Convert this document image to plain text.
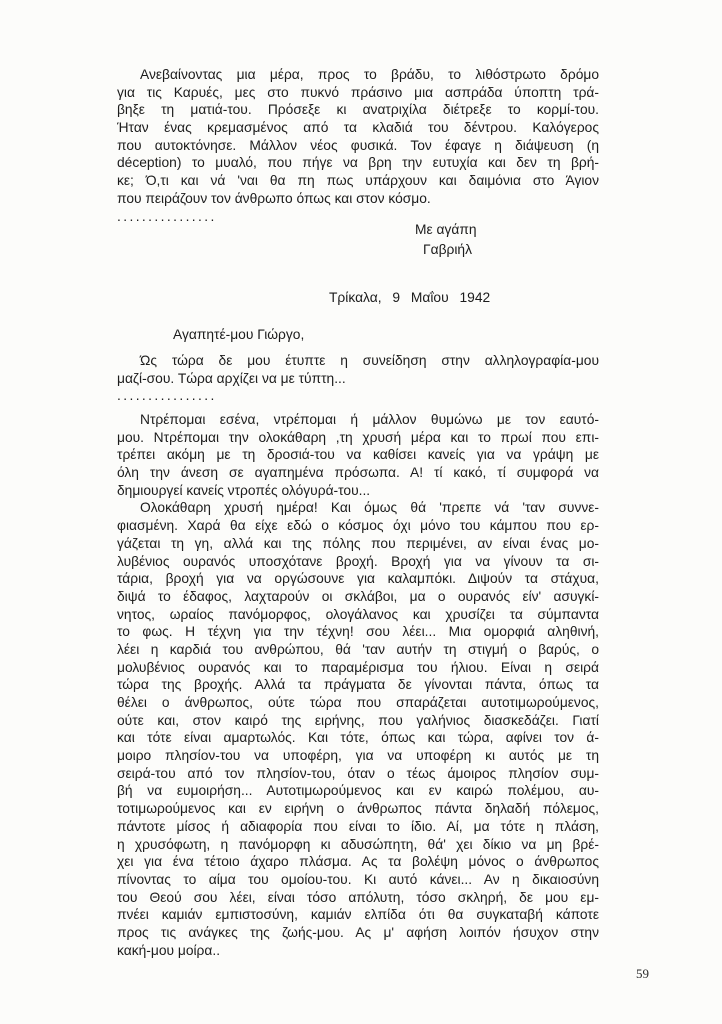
Ανεβαίνοντας μια μέρα, προς το βράδυ, το λιθόστρωτο δρόμο
για τις Καρυές, μες στο πυκνό πράσινο μια ασπράδα ύποπτη τρά-
βηξε τη ματιά-του. Πρόσεξε κι ανατριχίλα διέτρεξε το κορμί-του.
Ήταν ένας κρεμασμένος από τα κλαδιά του δέντρου. Καλόγερος
που αυτοκτόνησε. Μάλλον νέος φυσικά. Τον έφαγε η διάψευση (η
déception) το μυαλό, που πήγε να βρη την ευτυχία και δεν τη βρή-
κε; Ό,τι και νά 'ναι θα πη πως υπάρχουν και δαιμόνια στο Άγιον
που πειράζουν τον άνθρωπο όπως και στον κόσμο.
................
Με αγάπη
Γαβριήλ
Τρίκαλα, 9 Μαΐου 1942
Αγαπητέ-μου Γιώργο,
Ώς τώρα δε μου έτυπτε η συνείδηση στην αλληλογραφία-μου
μαζί-σου. Τώρα αρχίζει να με τύπτη...
................
Ντρέπομαι εσένα, ντρέπομαι ή μάλλον θυμώνω με τον εαυτό-
μου. Ντρέπομαι την ολοκάθαρη ,τη χρυσή μέρα και το πρωί που επι-
τρέπει ακόμη με τη δροσιά-του να καθίσει κανείς για να γράψη με
όλη την άνεση σε αγαπημένα πρόσωπα. Α! τί κακό, τί συμφορά να
δημιουργεί κανείς ντροπές ολόγυρά-του...
Ολοκάθαρη χρυσή ημέρα! Και όμως θά 'πρεπε νά 'ταν συννε-
φιασμένη. Χαρά θα είχε εδώ ο κόσμος όχι μόνο του κάμπου που ερ-
γάζεται τη γη, αλλά και της πόλης που περιμένει, αν είναι ένας μο-
λυβένιος ουρανός υποσχότανε βροχή. Βροχή για να γίνουν τα σι-
τάρια, βροχή για να οργώσουνε για καλαμπόκι. Διψούν τα στάχυα,
διψά το έδαφος, λαχταρούν οι σκλάβοι, μα ο ουρανός είν' ασυγκί-
νητος, ωραίος πανόμορφος, ολογάλανος και χρυσίζει τα σύμπαντα
το φως. Η τέχνη για την τέχνη! σου λέει... Μια ομορφιά αληθινή,
λέει η καρδιά του ανθρώπου, θά 'ταν αυτήν τη στιγμή ο βαρύς, ο
μολυβένιος ουρανός και το παραμέρισμα του ήλιου. Είναι η σειρά
τώρα της βροχής. Αλλά τα πράγματα δε γίνονται πάντα, όπως τα
θέλει ο άνθρωπος, ούτε τώρα που σπαράζεται αυτοτιμωρούμενος,
ούτε και, στον καιρό της ειρήνης, που γαλήνιος διασκεδάζει. Γιατί
και τότε είναι αμαρτωλός. Και τότε, όπως και τώρα, αφίνει τον ά-
μοιρο πλησίον-του να υποφέρη, για να υποφέρη κι αυτός με τη
σειρά-του από τον πλησίον-του, όταν ο τέως άμοιρος πλησίον συμ-
βή να ευμοιρήση... Αυτοτιμωρούμενος και εν καιρώ πολέμου, αυ-
τοτιμωρούμενος και εν ειρήνη ο άνθρωπος πάντα δηλαδή πόλεμος,
πάντοτε μίσος ή αδιαφορία που είναι το ίδιο. Αί, μα τότε η πλάση,
η χρυσόφωτη, η πανόμορφη κι αδυσώπητη, θά' χει δίκιο να μη βρέ-
χει για ένα τέτοιο άχαρο πλάσμα. Ας τα βολέψη μόνος ο άνθρωπος
πίνοντας το αίμα του ομοίου-του. Κι αυτό κάνει... Αν η δικαιοσύνη
του Θεού σου λέει, είναι τόσο απόλυτη, τόσο σκληρή, δε μου εμ-
πνέει καμιάν εμπιστοσύνη, καμιάν ελπίδα ότι θα συγκαταβή κάποτε
προς τις ανάγκες της ζωής-μου. Ας μ' αφήση λοιπόν ήσυχον στην
κακή-μου μοίρα..
59
